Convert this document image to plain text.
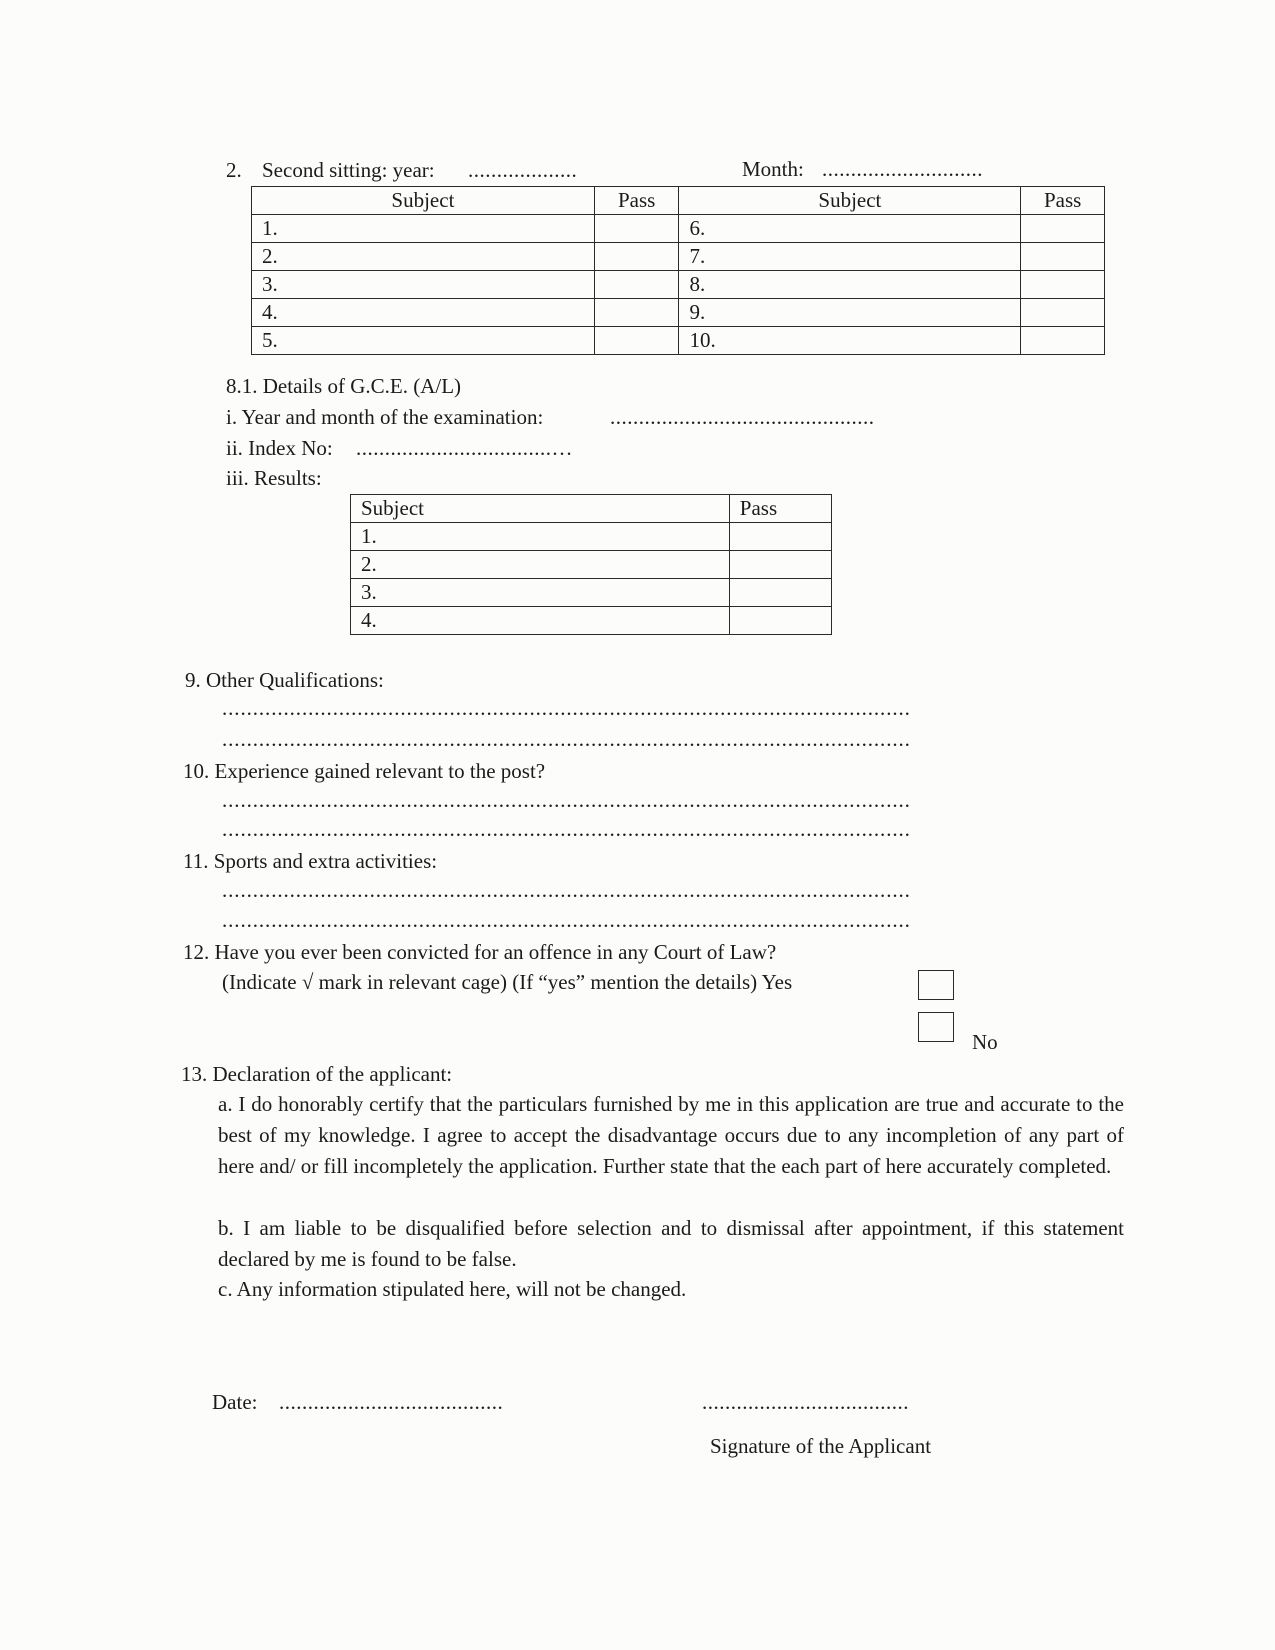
2. Second sitting: year: ...................	Month: ............................
Subject	Pass	Subject	Pass
1.		6.	
2.		7.	
3.		8.	
4.		9.	
5.		10.	
8.1. Details of G.C.E. (A/L)
i. Year and month of the examination:	..............................................
ii. Index No: ..................................…
iii. Results:
Subject	Pass
1.	
2.	
3.	
4.	
9. Other Qualifications:
................................................................................................................
................................................................................................................
10. Experience gained relevant to the post?
................................................................................................................
................................................................................................................
11. Sports and extra activities:
................................................................................................................
................................................................................................................
12. Have you ever been convicted for an offence in any Court of Law?
(Indicate √ mark in relevant cage) (If “yes” mention the details) Yes
No
13. Declaration of the applicant:
a. I do honorably certify that the particulars furnished by me in this application are true and accurate to the best of my knowledge. I agree to accept the disadvantage occurs due to any incompletion of any part of here and/ or fill incompletely the application. Further state that the each part of here accurately completed.
b. I am liable to be disqualified before selection and to dismissal after appointment, if this statement declared by me is found to be false.
c. Any information stipulated here, will not be changed.
Date: .......................................	....................................
Signature of the Applicant
